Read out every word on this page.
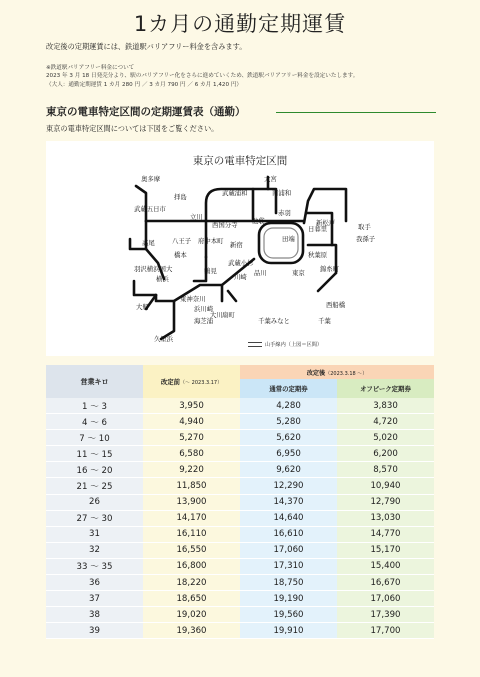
1カ月の通勤定期運賃
改定後の定期運賃には、鉄道駅バリアフリー料金を含みます。
※鉄道駅バリアフリー料金について
2023 年 3 月 18 日発売分より、駅のバリアフリー化をさらに進めていくため、鉄道駅バリアフリー料金を設定いたします。
（大人：通勤定期運賃 1 カ月 280 円 ／ 3 カ月 790 円 ／ 6 カ月 1,420 円）
東京の電車特定区間の定期運賃表（通勤）
東京の電車特定区間については下図をご覧ください。
奥多摩
武蔵五日市
拝島
立川
高尾	八王子
橋本
府中本町
西国分寺
武蔵浦和	南浦和
大宮
赤羽
池袋
田端
日暮里
新松戸
我孫子
取手
新宿
秋葉原
武蔵小杉
品川	東京 錦糸町
西船橋
千葉
千葉みなと
東神奈川
横浜
浜川崎
鶴見
大川 扇町
川崎
海芝浦
羽沢横浜国大
大船
久里浜
東京の電車特定区間
山手線内（上図＝区間）
営業キロ	改定前（～ 2023.3.17）	改定後（2023.3.18 ～）	
		通常の定期券	オフピーク定期券
1 ～ 3	3,950	4,280	3,830
4 ～ 6	4,940	5,280	4,720
7 ～ 10	5,270	5,620	5,020
11 ～ 15	6,580	6,950	6,200
16 ～ 20	9,220	9,620	8,570
21 ～ 25	11,850	12,290	10,940
26	13,900	14,370	12,790
27 ～ 30	14,170	14,640	13,030
31	16,110	16,610	14,770
32	16,550	17,060	15,170
33 ～ 35	16,800	17,310	15,400
36	18,220	18,750	16,670
37	18,650	19,190	17,060
38	19,020	19,560	17,390
39	19,360	19,910	17,700
